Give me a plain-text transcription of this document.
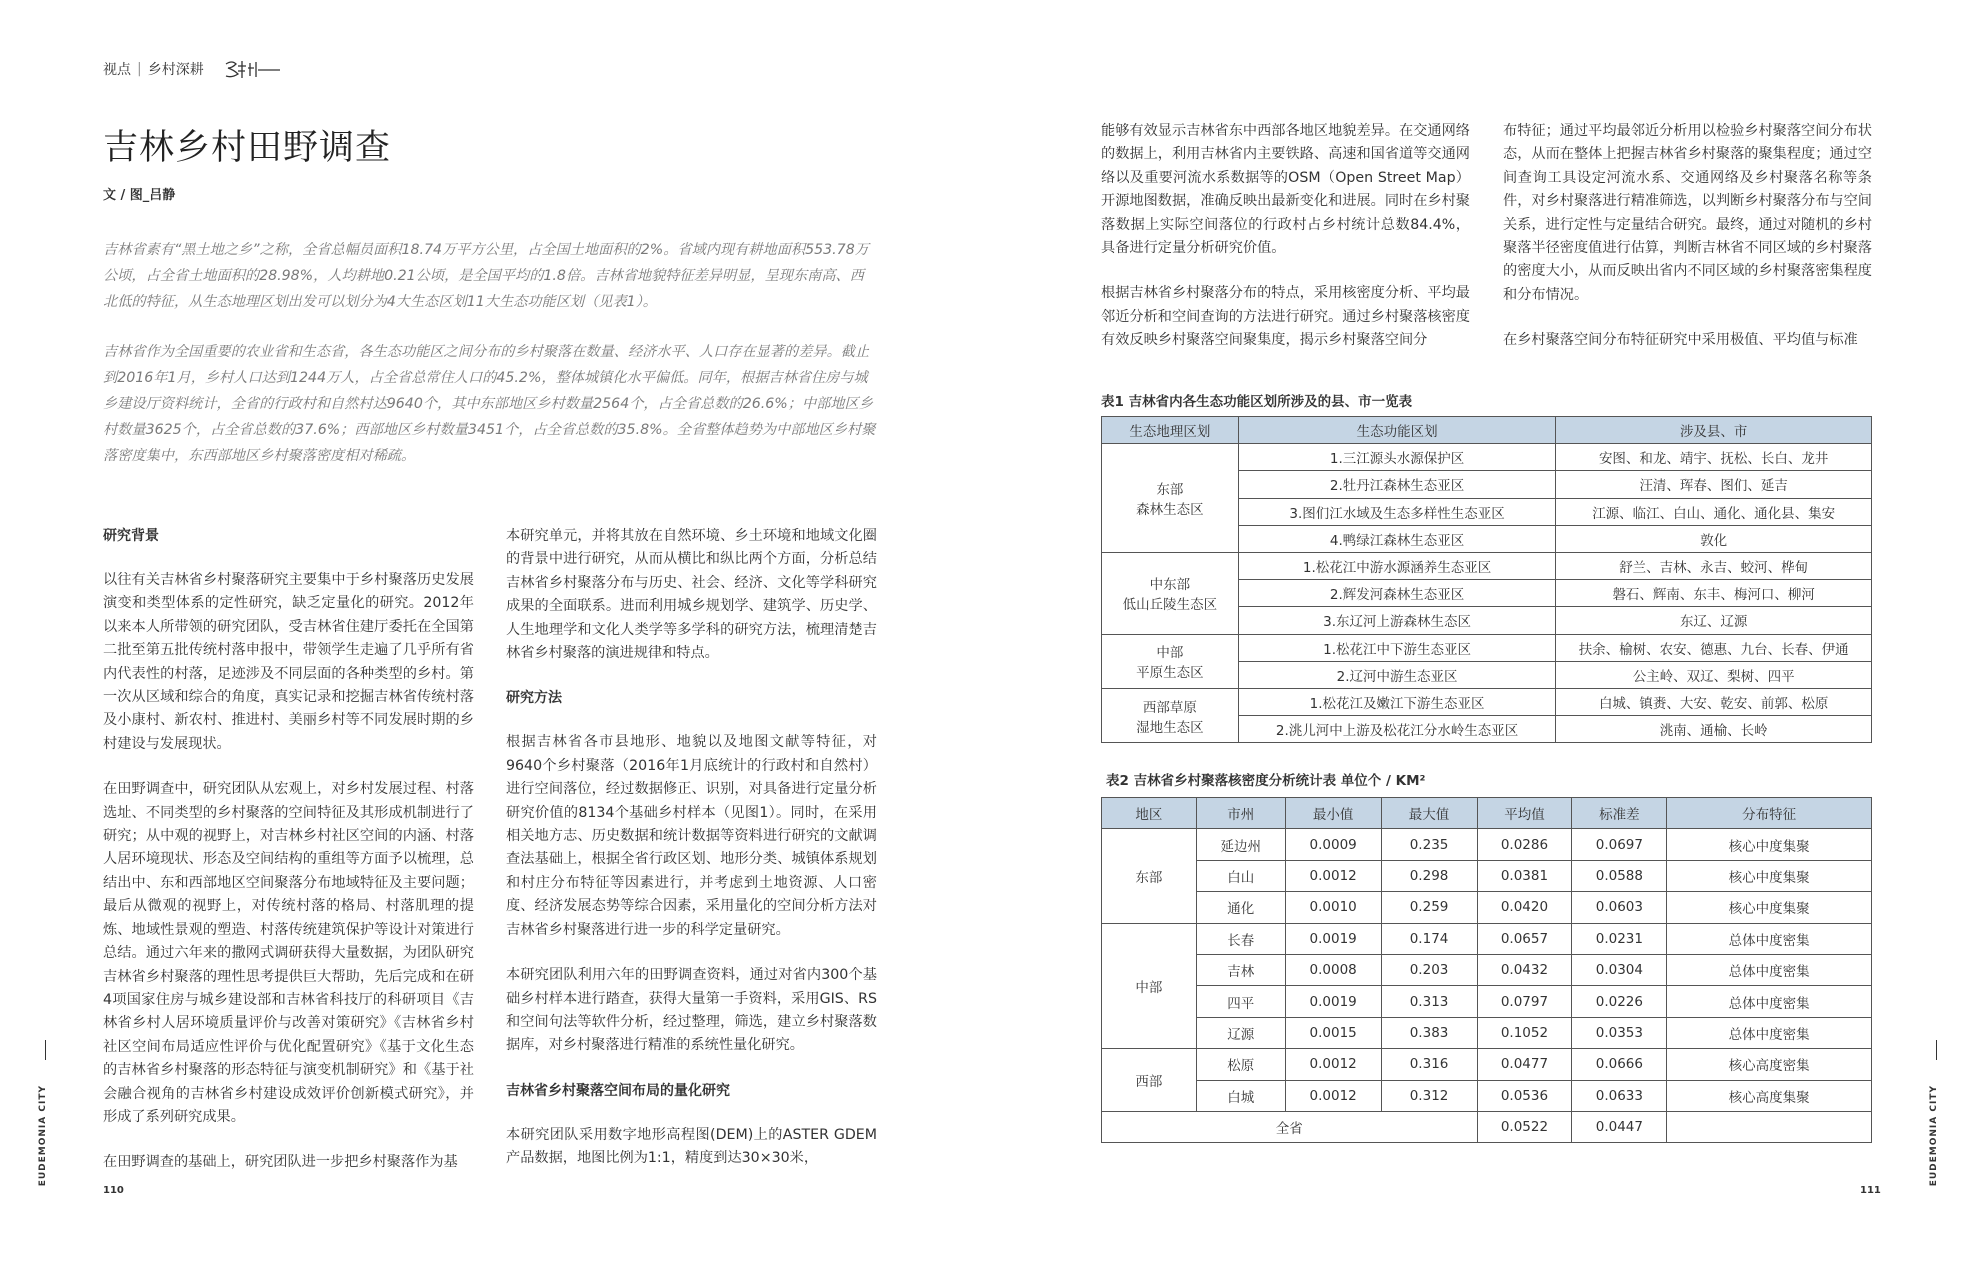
视点 | 乡村深耕
吉林乡村田野调查
文 / 图_吕静

吉林省素有“黑土地之乡”之称，全省总幅员面积18.74万平方公里，占全国土地面积的2%。省域内现有耕地面积553.78万公顷，占全省土地面积的28.98%，人均耕地0.21公顷，是全国平均的1.8倍。吉林省地貌特征差异明显，呈现东南高、西北低的特征，从生态地理区划出发可以划分为4大生态区划11大生态功能区划（见表1）。

吉林省作为全国重要的农业省和生态省，各生态功能区之间分布的乡村聚落在数量、经济水平、人口存在显著的差异。截止到2016年1月，乡村人口达到1244万人，占全省总常住人口的45.2%，整体城镇化水平偏低。同年，根据吉林省住房与城乡建设厅资料统计，全省的行政村和自然村达9640个，其中东部地区乡村数量2564个，占全省总数的26.6%；中部地区乡村数量3625个，占全省总数的37.6%；西部地区乡村数量3451个，占全省总数的35.8%。全省整体趋势为中部地区乡村聚落密度集中，东西部地区乡村聚落密度相对稀疏。

研究背景

以往有关吉林省乡村聚落研究主要集中于乡村聚落历史发展演变和类型体系的定性研究，缺乏定量化的研究。2012年以来本人所带领的研究团队，受吉林省住建厅委托在全国第二批至第五批传统村落申报中，带领学生走遍了几乎所有省内代表性的村落，足迹涉及不同层面的各种类型的乡村。第一次从区域和综合的角度，真实记录和挖掘吉林省传统村落及小康村、新农村、推进村、美丽乡村等不同发展时期的乡村建设与发展现状。

在田野调查中，研究团队从宏观上，对乡村发展过程、村落选址、不同类型的乡村聚落的空间特征及其形成机制进行了研究；从中观的视野上，对吉林乡村社区空间的内涵、村落人居环境现状、形态及空间结构的重组等方面予以梳理，总结出中、东和西部地区空间聚落分布地域特征及主要问题；最后从微观的视野上，对传统村落的格局、村落肌理的提炼、地域性景观的塑造、村落传统建筑保护等设计对策进行总结。通过六年来的撒网式调研获得大量数据，为团队研究吉林省乡村聚落的理性思考提供巨大帮助，先后完成和在研4项国家住房与城乡建设部和吉林省科技厅的科研项目《吉林省乡村人居环境质量评价与改善对策研究》《吉林省乡村社区空间布局适应性评价与优化配置研究》《基于文化生态的吉林省乡村聚落的形态特征与演变机制研究》和《基于社会融合视角的吉林省乡村建设成效评价创新模式研究》，并形成了系列研究成果。

在田野调查的基础上，研究团队进一步把乡村聚落作为基

本研究单元，并将其放在自然环境、乡土环境和地域文化圈的背景中进行研究，从而从横比和纵比两个方面，分析总结吉林省乡村聚落分布与历史、社会、经济、文化等学科研究成果的全面联系。进而利用城乡规划学、建筑学、历史学、人生地理学和文化人类学等多学科的研究方法，梳理清楚吉林省乡村聚落的演进规律和特点。

研究方法

根据吉林省各市县地形、地貌以及地图文献等特征，对9640个乡村聚落（2016年1月底统计的行政村和自然村）进行空间落位，经过数据修正、识别，对具备进行定量分析研究价值的8134个基础乡村样本（见图1）。同时，在采用相关地方志、历史数据和统计数据等资料进行研究的文献调查法基础上，根据全省行政区划、地形分类、城镇体系规划和村庄分布特征等因素进行，并考虑到土地资源、人口密度、经济发展态势等综合因素，采用量化的空间分析方法对吉林省乡村聚落进行进一步的科学定量研究。

本研究团队利用六年的田野调查资料，通过对省内300个基础乡村样本进行踏查，获得大量第一手资料，采用GIS、RS和空间句法等软件分析，经过整理，筛选，建立乡村聚落数据库，对乡村聚落进行精准的系统性量化研究。

吉林省乡村聚落空间布局的量化研究

本研究团队采用数字地形高程图(DEM)上的ASTER GDEM产品数据，地图比例为1:1，精度到达30×30米，

EUDEMONIA CITY
110

能够有效显示吉林省东中西部各地区地貌差异。在交通网络的数据上，利用吉林省内主要铁路、高速和国省道等交通网络以及重要河流水系数据等的OSM（Open Street Map）开源地图数据，准确反映出最新变化和进展。同时在乡村聚落数据上实际空间落位的行政村占乡村统计总数84.4%，具备进行定量分析研究价值。

根据吉林省乡村聚落分布的特点，采用核密度分析、平均最邻近分析和空间查询的方法进行研究。通过乡村聚落核密度有效反映乡村聚落空间聚集度，揭示乡村聚落空间分

布特征；通过平均最邻近分析用以检验乡村聚落空间分布状态，从而在整体上把握吉林省乡村聚落的聚集程度；通过空间查询工具设定河流水系、交通网络及乡村聚落名称等条件，对乡村聚落进行精准筛选，以判断乡村聚落分布与空间关系，进行定性与定量结合研究。最终，通过对随机的乡村聚落半径密度值进行估算，判断吉林省不同区域的乡村聚落的密度大小，从而反映出省内不同区域的乡村聚落密集程度和分布情况。

在乡村聚落空间分布特征研究中采用极值、平均值与标准

表1 吉林省内各生态功能区划所涉及的县、市一览表
生态地理区划	生态功能区划	涉及县、市
东部
森林生态区	1.三江源头水源保护区	安图、和龙、靖宇、抚松、长白、龙井
	2.牡丹江森林生态亚区	汪清、珲春、图们、延吉
	3.图们江水域及生态多样性生态亚区	江源、临江、白山、通化、通化县、集安
	4.鸭绿江森林生态亚区	敦化
中东部
低山丘陵生态区	1.松花江中游水源涵养生态亚区	舒兰、吉林、永吉、蛟河、桦甸
	2.辉发河森林生态亚区	磐石、辉南、东丰、梅河口、柳河
	3.东辽河上游森林生态区	东辽、辽源
中部
平原生态区	1.松花江中下游生态亚区	扶余、榆树、农安、德惠、九台、长春、伊通
	2.辽河中游生态亚区	公主岭、双辽、梨树、四平
西部草原
湿地生态区	1.松花江及嫩江下游生态亚区	白城、镇赉、大安、乾安、前郭、松原
	2.洮儿河中上游及松花江分水岭生态亚区	洮南、通榆、长岭
表2 吉林省乡村聚落核密度分析统计表 单位个 / KM²
地区	市州	最小值	最大值	平均值	标准差	分布特征
东部	延边州	0.0009	0.235	0.0286	0.0697	核心中度集聚
	白山	0.0012	0.298	0.0381	0.0588	核心中度集聚
	通化	0.0010	0.259	0.0420	0.0603	核心中度集聚
中部	长春	0.0019	0.174	0.0657	0.0231	总体中度密集
	吉林	0.0008	0.203	0.0432	0.0304	总体中度密集
	四平	0.0019	0.313	0.0797	0.0226	总体中度密集
	辽源	0.0015	0.383	0.1052	0.0353	总体中度密集
西部	松原	0.0012	0.316	0.0477	0.0666	核心高度密集
	白城	0.0012	0.312	0.0536	0.0633	核心高度集聚
全省				0.0522	0.0447		EUDEMONIA CITY
111
